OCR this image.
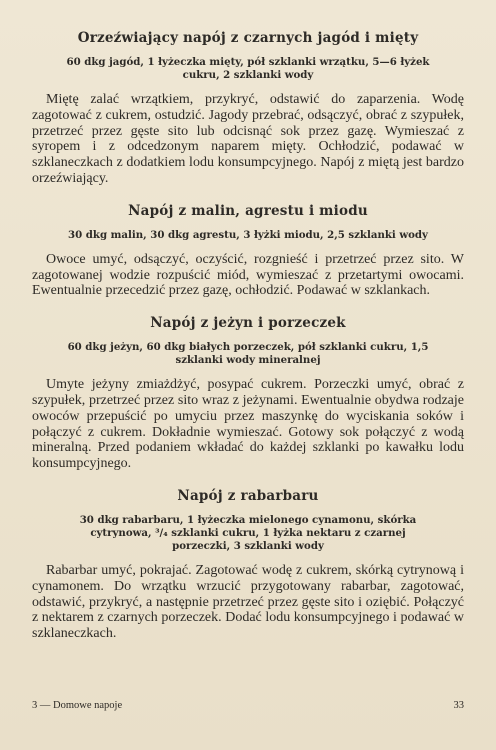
Orzeźwiający napój z czarnych jagód i mięty

60 dkg jagód, 1 łyżeczka mięty, pół szklanki wrzątku, 5—6 łyżek cukru, 2 szklanki wody

Miętę zalać wrzątkiem, przykryć, odstawić do zaparzenia. Wodę zagotować z cukrem, ostudzić. Jagody przebrać, odsączyć, obrać z szypułek, przetrzeć przez gęste sito lub odcisnąć sok przez gazę. Wymieszać z syropem i z odcedzonym naparem mięty. Ochłodzić, podawać w szklaneczkach z dodatkiem lodu konsumpcyjnego. Napój z miętą jest bardzo orzeźwiający.

Napój z malin, agrestu i miodu

30 dkg malin, 30 dkg agrestu, 3 łyżki miodu, 2,5 szklanki wody

Owoce umyć, odsączyć, oczyścić, rozgnieść i przetrzeć przez sito. W zagotowanej wodzie rozpuścić miód, wymieszać z przetartymi owocami. Ewentualnie przecedzić przez gazę, ochłodzić. Podawać w szklankach.

Napój z jeżyn i porzeczek

60 dkg jeżyn, 60 dkg białych porzeczek, pół szklanki cukru, 1,5 szklanki wody mineralnej

Umyte jeżyny zmiażdżyć, posypać cukrem. Porzeczki umyć, obrać z szypułek, przetrzeć przez sito wraz z jeżynami. Ewentualnie obydwa rodzaje owoców przepuścić po umyciu przez maszynkę do wyciskania soków i połączyć z cukrem. Dokładnie wymieszać. Gotowy sok połączyć z wodą mineralną. Przed podaniem wkładać do każdej szklanki po kawałku lodu konsumpcyjnego.

Napój z rabarbaru

30 dkg rabarbaru, 1 łyżeczka mielonego cynamonu, skórka cytrynowa, ³/₄ szklanki cukru, 1 łyżka nektaru z czarnej porzeczki, 3 szklanki wody

Rabarbar umyć, pokrajać. Zagotować wodę z cukrem, skórką cytrynową i cynamonem. Do wrzątku wrzucić przygotowany rabarbar, zagotować, odstawić, przykryć, a następnie przetrzeć przez gęste sito i oziębić. Połączyć z nektarem z czarnych porzeczek. Dodać lodu konsumpcyjnego i podawać w szklaneczkach.

3 — Domowe napoje	33
